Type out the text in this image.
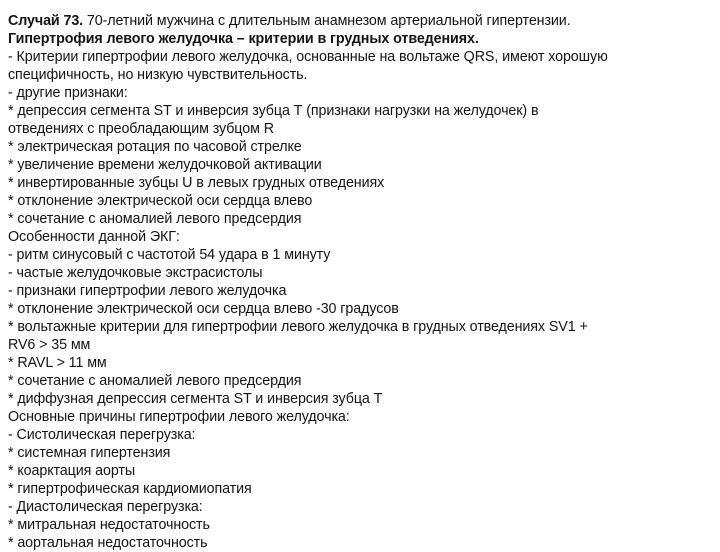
Случай 73. 70-летний мужчина с длительным анамнезом артериальной гипертензии.
Гипертрофия левого желудочка – критерии в грудных отведениях.
- Критерии гипертрофии левого желудочка, основанные на вольтаже QRS, имеют хорошую
специфичность, но низкую чувствительность.
- другие признаки:
* депрессия сегмента ST и инверсия зубца Т (признаки нагрузки на желудочек) в
отведениях с преобладающим зубцом R
* электрическая ротация по часовой стрелке
* увеличение времени желудочковой активации
* инвертированные зубцы U в левых грудных отведениях
* отклонение электрической оси сердца влево
* сочетание с аномалией левого предсердия
Особенности данной ЭКГ:
- ритм синусовый с частотой 54 удара в 1 минуту
- частые желудочковые экстрасистолы
- признаки гипертрофии левого желудочка
* отклонение электрической оси сердца влево -30 градусов
* вольтажные критерии для гипертрофии левого желудочка в грудных отведениях SV1 +
RV6 > 35 мм
* RAVL > 11 мм
* сочетание с аномалией левого предсердия
* диффузная депрессия сегмента ST и инверсия зубца T
Основные причины гипертрофии левого желудочка:
- Систолическая перегрузка:
* системная гипертензия
* коарктация аорты
* гипертрофическая кардиомиопатия
- Диастолическая перегрузка:
* митральная недостаточность
* аортальная недостаточность
